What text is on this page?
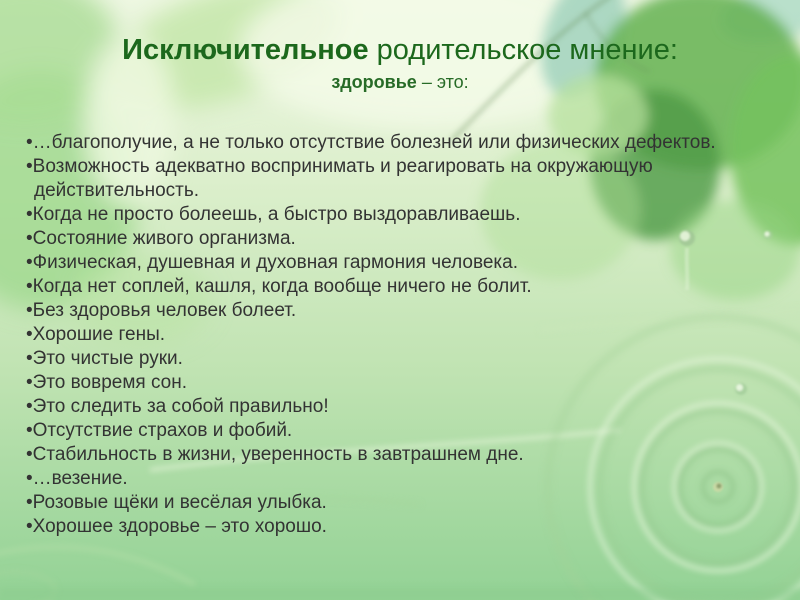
Исключительное родительское мнение:
здоровье – это:
•…благополучие, а не только отсутствие болезней или физических дефектов.
•Возможность адекватно воспринимать и реагировать на окружающую действительность.
•Когда не просто болеешь, а быстро выздоравливаешь.
•Состояние живого организма.
•Физическая, душевная и духовная гармония человека.
•Когда нет соплей, кашля, когда вообще ничего не болит.
•Без здоровья человек болеет.
•Хорошие гены.
•Это чистые руки.
•Это вовремя сон.
•Это следить за собой правильно!
•Отсутствие страхов и фобий.
•Стабильность в жизни, уверенность в завтрашнем дне.
•…везение.
•Розовые щёки и весёлая улыбка.
•Хорошее здоровье – это хорошо.
